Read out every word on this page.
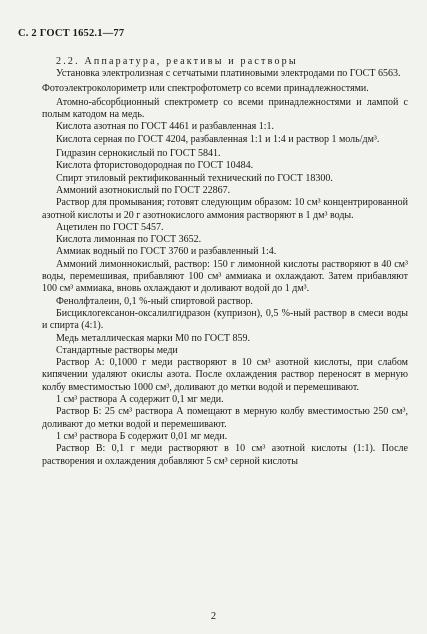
С. 2 ГОСТ 1652.1—77

2.2. Аппаратура, реактивы и растворы

Установка электролизная с сетчатыми платиновыми электродами по ГОСТ 6563.

Фотоэлектроколориметр или спектрофотометр со всеми принадлежностями.

Атомно-абсорбционный спектрометр со всеми принадлежностями и лампой с полым катодом на медь.

Кислота азотная по ГОСТ 4461 и разбавленная 1:1.

Кислота серная по ГОСТ 4204, разбавленная 1:1 и 1:4 и раствор 1 моль/дм³.

Гидразин сернокислый по ГОСТ 5841.

Кислота фтористоводородная по ГОСТ 10484.

Спирт этиловый ректификованный технический по ГОСТ 18300.

Аммоний азотнокислый по ГОСТ 22867.

Раствор для промывания; готовят следующим образом: 10 см³ концентрированной азотной кислоты и 20 г азотнокислого аммония растворяют в 1 дм³ воды.

Ацетилен по ГОСТ 5457.

Кислота лимонная по ГОСТ 3652.

Аммиак водный по ГОСТ 3760 и разбавленный 1:4.

Аммоний лимоннокислый, раствор: 150 г лимонной кислоты растворяют в 40 см³ воды, перемешивая, прибавляют 100 см³ аммиака и охлаждают. Затем прибавляют 100 см³ аммиака, вновь охлаждают и доливают водой до 1 дм³.

Фенолфталеин, 0,1 %-ный спиртовой раствор.

Бисциклогексанон-оксалилгидразон (купризон), 0,5 %-ный раствор в смеси воды и спирта (4:1).

Медь металлическая марки М0 по ГОСТ 859.

Стандартные растворы меди

Раствор А: 0,1000 г меди растворяют в 10 см³ азотной кислоты, при слабом кипячении удаляют окислы азота. После охлаждения раствор переносят в мерную колбу вместимостью 1000 см³, доливают до метки водой и перемешивают.

1 см³ раствора А содержит 0,1 мг меди.

Раствор Б: 25 см³ раствора А помещают в мерную колбу вместимостью 250 см³, доливают до метки водой и перемешивают.

1 см³ раствора Б содержит 0,01 мг меди.

Раствор В: 0,1 г меди растворяют в 10 см³ азотной кислоты (1:1). После растворения и охлаждения добавляют 5 см³ серной кислоты

2
